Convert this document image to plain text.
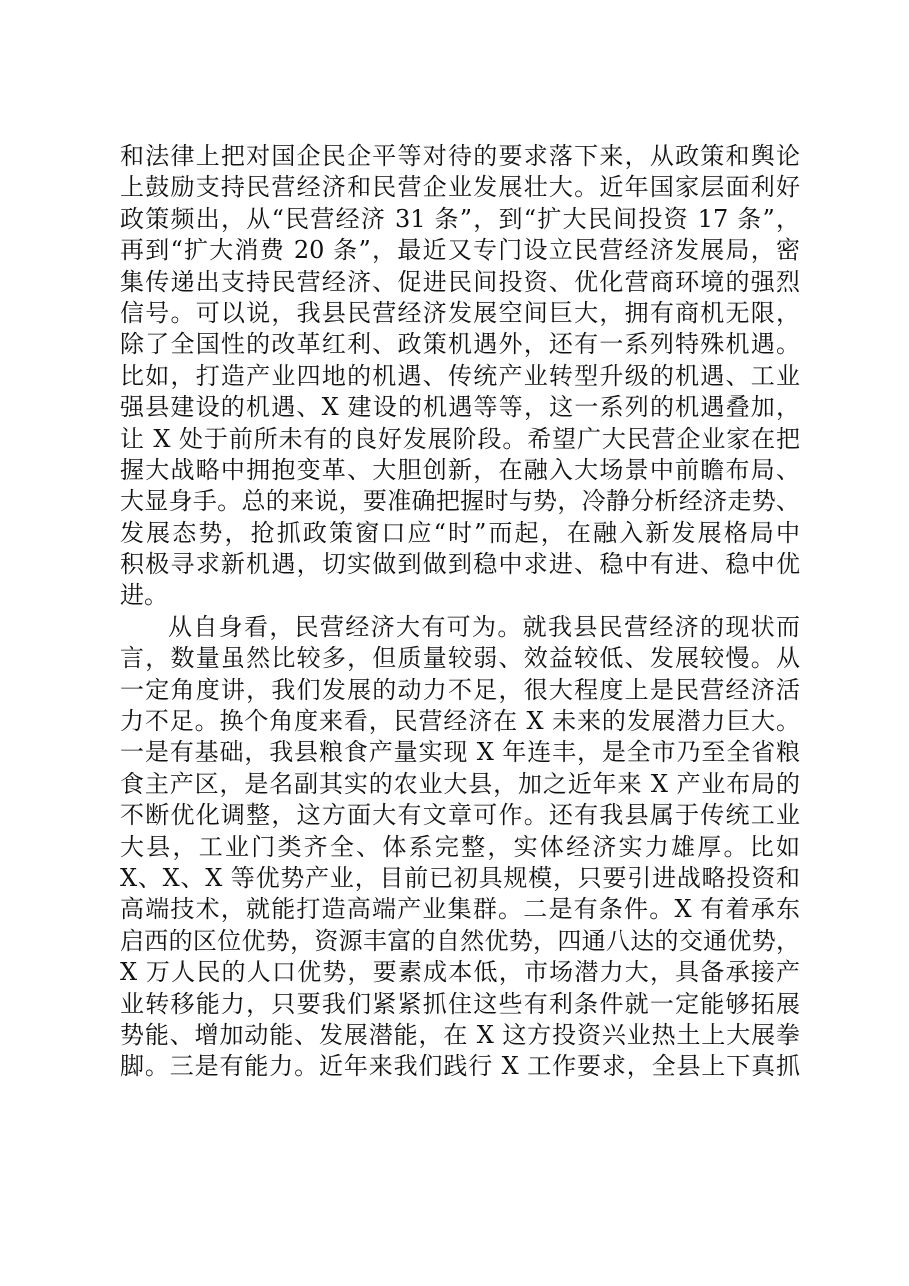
和法律上把对国企民企平等对待的要求落下来，从政策和舆论
上鼓励支持民营经济和民营企业发展壮大。近年国家层面利好
政策频出，从“民营经济 31 条”，到“扩大民间投资 17 条”，
再到“扩大消费 20 条”，最近又专门设立民营经济发展局，密
集传递出支持民营经济、促进民间投资、优化营商环境的强烈
信号。可以说，我县民营经济发展空间巨大，拥有商机无限，
除了全国性的改革红利、政策机遇外，还有一系列特殊机遇。
比如，打造产业四地的机遇、传统产业转型升级的机遇、工业
强县建设的机遇、X 建设的机遇等等，这一系列的机遇叠加，
让 X 处于前所未有的良好发展阶段。希望广大民营企业家在把
握大战略中拥抱变革、大胆创新，在融入大场景中前瞻布局、
大显身手。总的来说，要准确把握时与势，冷静分析经济走势、
发展态势，抢抓政策窗口应“时”而起，在融入新发展格局中
积极寻求新机遇，切实做到做到稳中求进、稳中有进、稳中优
进。
从自身看，民营经济大有可为。就我县民营经济的现状而
言，数量虽然比较多，但质量较弱、效益较低、发展较慢。从
一定角度讲，我们发展的动力不足，很大程度上是民营经济活
力不足。换个角度来看，民营经济在 X 未来的发展潜力巨大。
一是有基础，我县粮食产量实现 X 年连丰，是全市乃至全省粮
食主产区，是名副其实的农业大县，加之近年来 X 产业布局的
不断优化调整，这方面大有文章可作。还有我县属于传统工业
大县，工业门类齐全、体系完整，实体经济实力雄厚。比如
X、X、X 等优势产业，目前已初具规模，只要引进战略投资和
高端技术，就能打造高端产业集群。二是有条件。X 有着承东
启西的区位优势，资源丰富的自然优势，四通八达的交通优势，
X 万人民的人口优势，要素成本低，市场潜力大，具备承接产
业转移能力，只要我们紧紧抓住这些有利条件就一定能够拓展
势能、增加动能、发展潜能，在 X 这方投资兴业热土上大展拳
脚。三是有能力。近年来我们践行 X 工作要求，全县上下真抓
